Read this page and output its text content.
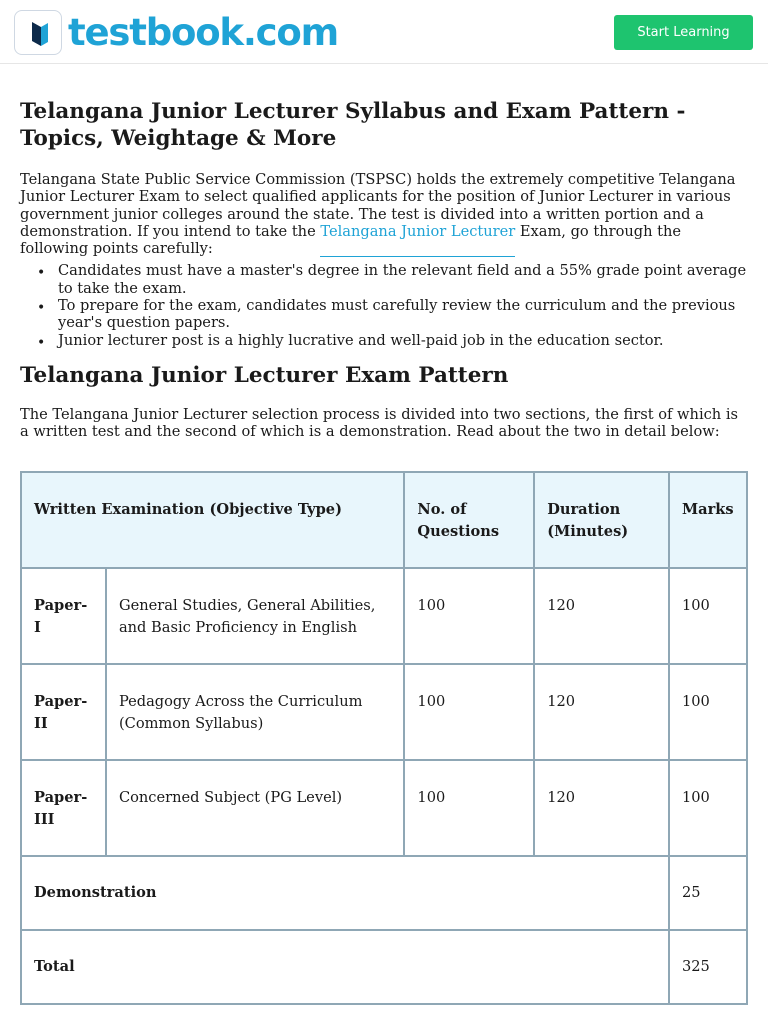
testbook.com	Start Learning
Telangana Junior Lecturer Syllabus and Exam Pattern - Topics, Weightage & More

Telangana State Public Service Commission (TSPSC) holds the extremely competitive Telangana Junior Lecturer Exam to select qualified applicants for the position of Junior Lecturer in various government junior colleges around the state. The test is divided into a written portion and a demonstration. If you intend to take the Telangana Junior Lecturer Exam, go through the following points carefully:

• Candidates must have a master's degree in the relevant field and a 55% grade point average to take the exam.
• To prepare for the exam, candidates must carefully review the curriculum and the previous year's question papers.
• Junior lecturer post is a highly lucrative and well-paid job in the education sector.
Telangana Junior Lecturer Exam Pattern

The Telangana Junior Lecturer selection process is divided into two sections, the first of which is a written test and the second of which is a demonstration. Read about the two in detail below:

Written Examination (Objective Type)		No. of Questions	Duration (Minutes)	Marks
Paper-I	General Studies, General Abilities, and Basic Proficiency in English	100	120	100
Paper-II	Pedagogy Across the Curriculum (Common Syllabus)	100	120	100
Paper-III	Concerned Subject (PG Level)	100	120	100
Demonstration				25
Total				325
